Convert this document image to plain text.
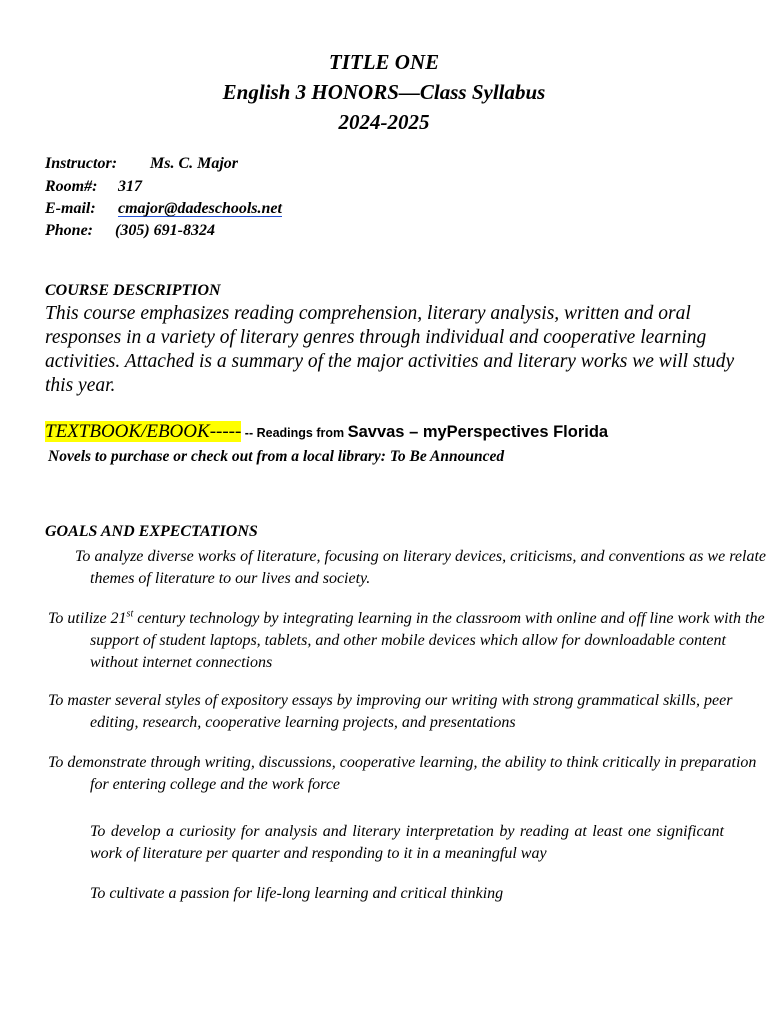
TITLE ONE
English 3 HONORS—Class Syllabus
2024-2025
Instructor: Ms. C. Major
Room#: 317
E-mail: cmajor@dadeschools.net
Phone: (305) 691-8324
COURSE DESCRIPTION
This course emphasizes reading comprehension, literary analysis, written and oral responses in a variety of literary genres through individual and cooperative learning activities. Attached is a summary of the major activities and literary works we will study this year.
TEXTBOOK/EBOOK----- -- Readings from Savvas – myPerspectives Florida
Novels to purchase or check out from a local library: To Be Announced
GOALS AND EXPECTATIONS
To analyze diverse works of literature, focusing on literary devices, criticisms, and conventions as we relate themes of literature to our lives and society.
To utilize 21st century technology by integrating learning in the classroom with online and off line work with the support of student laptops, tablets, and other mobile devices which allow for downloadable content without internet connections
To master several styles of expository essays by improving our writing with strong grammatical skills, peer editing, research, cooperative learning projects, and presentations
To demonstrate through writing, discussions, cooperative learning, the ability to think critically in preparation for entering college and the work force
To develop a curiosity for analysis and literary interpretation by reading at least one significant work of literature per quarter and responding to it in a meaningful way
To cultivate a passion for life-long learning and critical thinking
